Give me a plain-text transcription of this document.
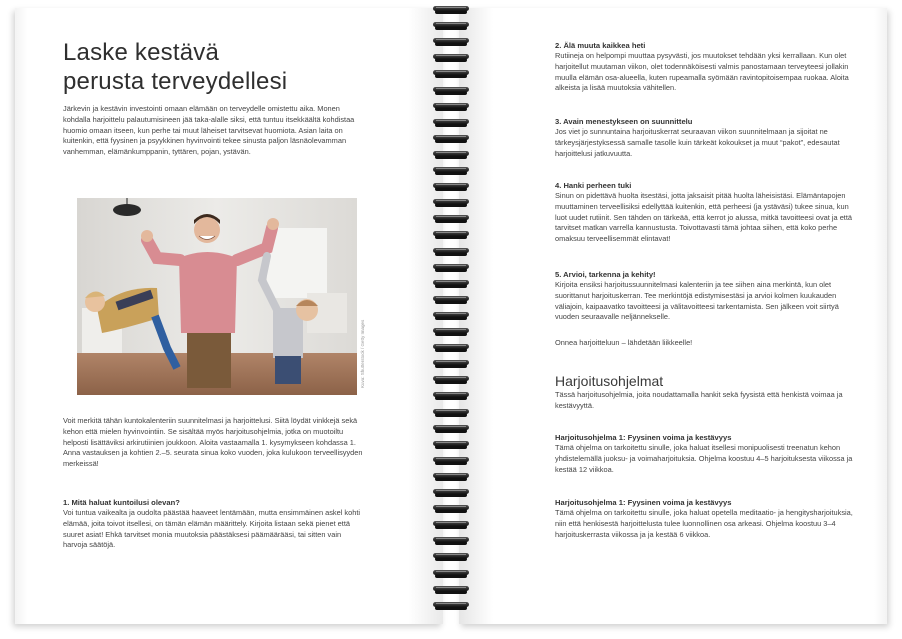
Laske kestävä
perusta terveydellesi

Järkevin ja kestävin investointi omaan elämään on terveydelle omistettu aika. Monen kohdalla harjoittelu palautumisineen jää taka-alalle siksi, että tuntuu itsekkäältä kohdistaa huomio omaan itseen, kun perhe tai muut läheiset tarvitsevat huomiota. Asian laita on kuitenkin, että fyysinen ja psyykkinen hyvinvointi tekee sinusta paljon läsnäolevamman vanhemman, elämänkumppanin, tyttären, pojan, ystävän.

Kuva: Shutterstock / Getty Images

Voit merkitä tähän kuntokalenteriin suunnitelmasi ja harjoittelusi. Siitä löydät vinkkejä sekä kehon että mielen hyvinvointiin. Se sisältää myös harjoitusohjelmia, jotka on muotoiltu helposti lisättäviksi arkirutiinien joukkoon. Aloita vastaamalla 1. kysymykseen kohdassa 1. Anna vastauksen ja kohtien 2.–5. seurata sinua koko vuoden, joka kulukoon terveellisyyden merkeissä!

1. Mitä haluat kuntoilusi olevan?

Voi tuntua vaikealta ja oudolta päästää haaveet lentämään, mutta ensimmäinen askel kohti elämää, joita toivot itsellesi, on tämän elämän määrittely. Kirjoita listaan sekä pienet että suuret asiat! Ehkä tarvitset monia muutoksia päästäksesi päämäärääsi, tai sitten vain harvoja säätöjä.

2. Älä muuta kaikkea heti

Rutiineja on helpompi muuttaa pysyvästi, jos muutokset tehdään yksi kerrallaan. Kun olet harjoitellut muutaman viikon, olet todennäköisesti valmis panostamaan terveyteesi jollakin muulla elämän osa-alueella, kuten rupeamalla syömään ravintopitoisempaa ruokaa. Aloita alkeista ja lisää muutoksia vähitellen.

3. Avain menestykseen on suunnittelu

Jos viet jo sunnuntaina harjoituskerrat seuraavan viikon suunnitelmaan ja sijoitat ne tärkeysjärjestyksessä samalle tasolle kuin tärkeät kokoukset ja muut “pakot”, edesautat harjoittelusi jatkuvuutta.

4. Hanki perheen tuki

Sinun on pidettävä huolta itsestäsi, jotta jaksaisit pitää huolta läheisistäsi. Elämäntapojen muuttaminen terveellisiksi edellyttää kuitenkin, että perheesi (ja ystäväsi) tukee sinua, kun luot uudet rutiinit. Sen tähden on tärkeää, että kerrot jo alussa, mitkä tavoitteesi ovat ja että tarvitset matkan varrella kannustusta. Toivottavasti tämä johtaa siihen, että koko perhe omaksuu terveellisemmät elintavat!

5. Arvioi, tarkenna ja kehity!

Kirjoita ensiksi harjoitussuunnitelmasi kalenteriin ja tee siihen aina merkintä, kun olet suorittanut harjoituskerran. Tee merkintöjä edistymisestäsi ja arvioi kolmen kuukauden väliajoin, kaipaavatko tavoitteesi ja välitavoitteesi tarkentamista. Sen jälkeen voit siirtyä vuoden seuraavalle neljännekselle.

Onnea harjoitteluun – lähdetään liikkeelle!

Harjoitusohjelmat

Tässä harjoitusohjelmia, joita noudattamalla hankit sekä fyysistä että henkistä voimaa ja kestävyyttä.

Harjoitusohjelma 1: Fyysinen voima ja kestävyys

Tämä ohjelma on tarkoitettu sinulle, joka haluat itsellesi monipuolisesti treenatun kehon yhdistelemällä juoksu- ja voimaharjoituksia. Ohjelma koostuu 4–5 harjoituksesta viikossa ja kestää 12 viikkoa.

Harjoitusohjelma 1: Fyysinen voima ja kestävyys

Tämä ohjelma on tarkoitettu sinulle, joka haluat opetella meditaatio- ja hengitysharjoituksia, niin että henkisestä harjoittelusta tulee luonnollinen osa arkeasi. Ohjelma koostuu 3–4 harjoituskerrasta viikossa ja ja kestää 6 viikkoa.
